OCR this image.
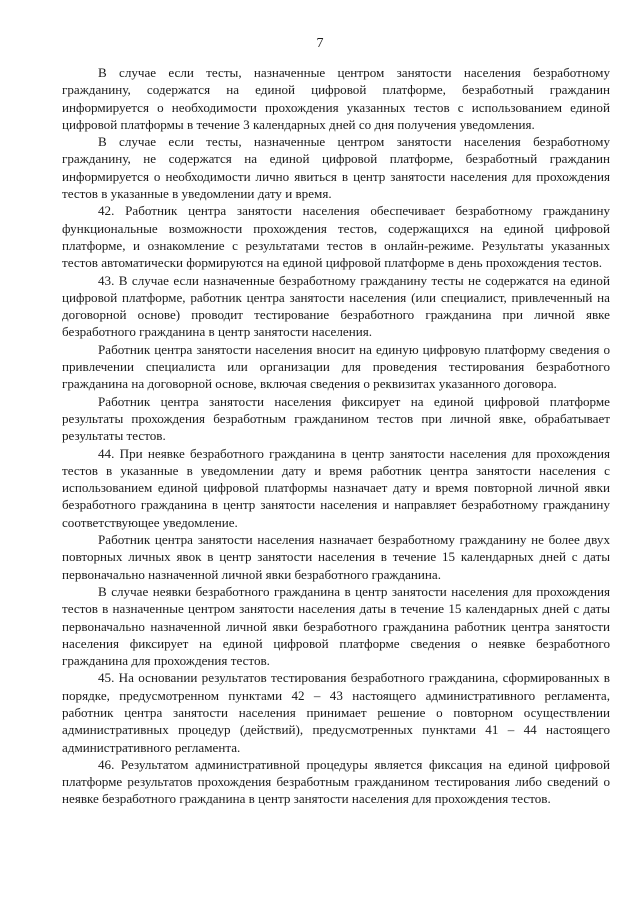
7

В случае если тесты, назначенные центром занятости населения безработному гражданину, содержатся на единой цифровой платформе, безработный гражданин информируется о необходимости прохождения указанных тестов с использованием единой цифровой платформы в течение 3 календарных дней со дня получения уведомления.

В случае если тесты, назначенные центром занятости населения безработному гражданину, не содержатся на единой цифровой платформе, безработный гражданин информируется о необходимости лично явиться в центр занятости населения для прохождения тестов в указанные в уведомлении дату и время.

42. Работник центра занятости населения обеспечивает безработному гражданину функциональные возможности прохождения тестов, содержащихся на единой цифровой платформе, и ознакомление с результатами тестов в онлайн-режиме. Результаты указанных тестов автоматически формируются на единой цифровой платформе в день прохождения тестов.

43. В случае если назначенные безработному гражданину тесты не содержатся на единой цифровой платформе, работник центра занятости населения (или специалист, привлеченный на договорной основе) проводит тестирование безработного гражданина при личной явке безработного гражданина в центр занятости населения.

Работник центра занятости населения вносит на единую цифровую платформу сведения о привлечении специалиста или организации для проведения тестирования безработного гражданина на договорной основе, включая сведения о реквизитах указанного договора.

Работник центра занятости населения фиксирует на единой цифровой платформе результаты прохождения безработным гражданином тестов при личной явке, обрабатывает результаты тестов.

44. При неявке безработного гражданина в центр занятости населения для прохождения тестов в указанные в уведомлении дату и время работник центра занятости населения с использованием единой цифровой платформы назначает дату и время повторной личной явки безработного гражданина в центр занятости населения и направляет безработному гражданину соответствующее уведомление.

Работник центра занятости населения назначает безработному гражданину не более двух повторных личных явок в центр занятости населения в течение 15 календарных дней с даты первоначально назначенной личной явки безработного гражданина.

В случае неявки безработного гражданина в центр занятости населения для прохождения тестов в назначенные центром занятости населения даты в течение 15 календарных дней с даты первоначально назначенной личной явки безработного гражданина работник центра занятости населения фиксирует на единой цифровой платформе сведения о неявке безработного гражданина для прохождения тестов.

45. На основании результатов тестирования безработного гражданина, сформированных в порядке, предусмотренном пунктами 42 – 43 настоящего административного регламента, работник центра занятости населения принимает решение о повторном осуществлении административных процедур (действий), предусмотренных пунктами 41 – 44 настоящего административного регламента.

46. Результатом административной процедуры является фиксация на единой цифровой платформе результатов прохождения безработным гражданином тестирования либо сведений о неявке безработного гражданина в центр занятости населения для прохождения тестов.
